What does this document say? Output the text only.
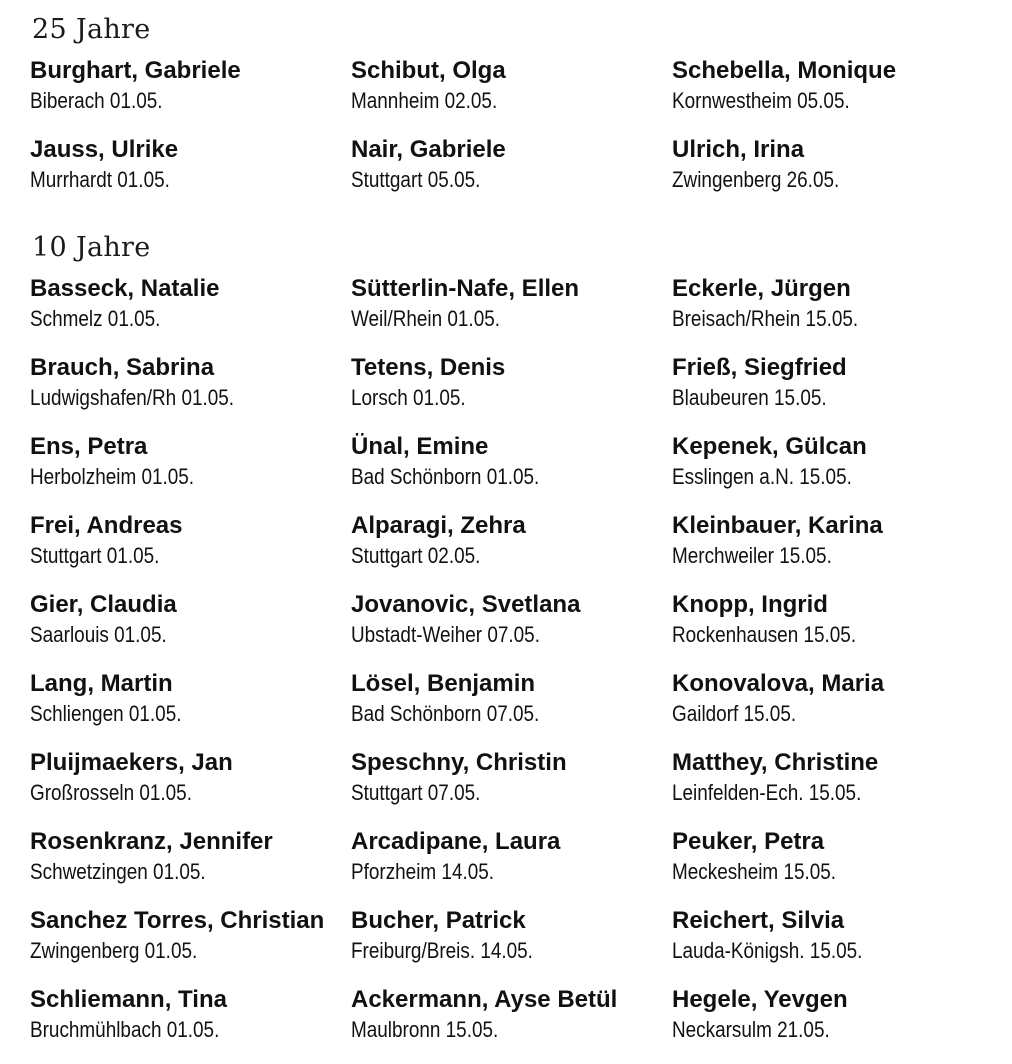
25 Jahre
Burghart, Gabriele
Biberach 01.05.
Schibut, Olga
Mannheim 02.05.
Schebella, Monique
Kornwestheim 05.05.
Jauss, Ulrike
Murrhardt 01.05.
Nair, Gabriele
Stuttgart 05.05.
Ulrich, Irina
Zwingenberg 26.05.
10 Jahre
Basseck, Natalie
Schmelz 01.05.
Sütterlin-Nafe, Ellen
Weil/Rhein 01.05.
Eckerle, Jürgen
Breisach/Rhein 15.05.
Brauch, Sabrina
Ludwigshafen/Rh 01.05.
Tetens, Denis
Lorsch 01.05.
Frieß, Siegfried
Blaubeuren 15.05.
Ens, Petra
Herbolzheim 01.05.
Ünal, Emine
Bad Schönborn 01.05.
Kepenek, Gülcan
Esslingen a.N. 15.05.
Frei, Andreas
Stuttgart 01.05.
Alparagi, Zehra
Stuttgart 02.05.
Kleinbauer, Karina
Merchweiler 15.05.
Gier, Claudia
Saarlouis 01.05.
Jovanovic, Svetlana
Ubstadt-Weiher 07.05.
Knopp, Ingrid
Rockenhausen 15.05.
Lang, Martin
Schliengen 01.05.
Lösel, Benjamin
Bad Schönborn 07.05.
Konovalova, Maria
Gaildorf 15.05.
Pluijmaekers, Jan
Großrosseln 01.05.
Speschny, Christin
Stuttgart 07.05.
Matthey, Christine
Leinfelden-Ech. 15.05.
Rosenkranz, Jennifer
Schwetzingen 01.05.
Arcadipane, Laura
Pforzheim 14.05.
Peuker, Petra
Meckesheim 15.05.
Sanchez Torres, Christian
Zwingenberg 01.05.
Bucher, Patrick
Freiburg/Breis. 14.05.
Reichert, Silvia
Lauda-Königsh. 15.05.
Schliemann, Tina
Bruchmühlbach 01.05.
Ackermann, Ayse Betül
Maulbronn 15.05.
Hegele, Yevgen
Neckarsulm 21.05.
